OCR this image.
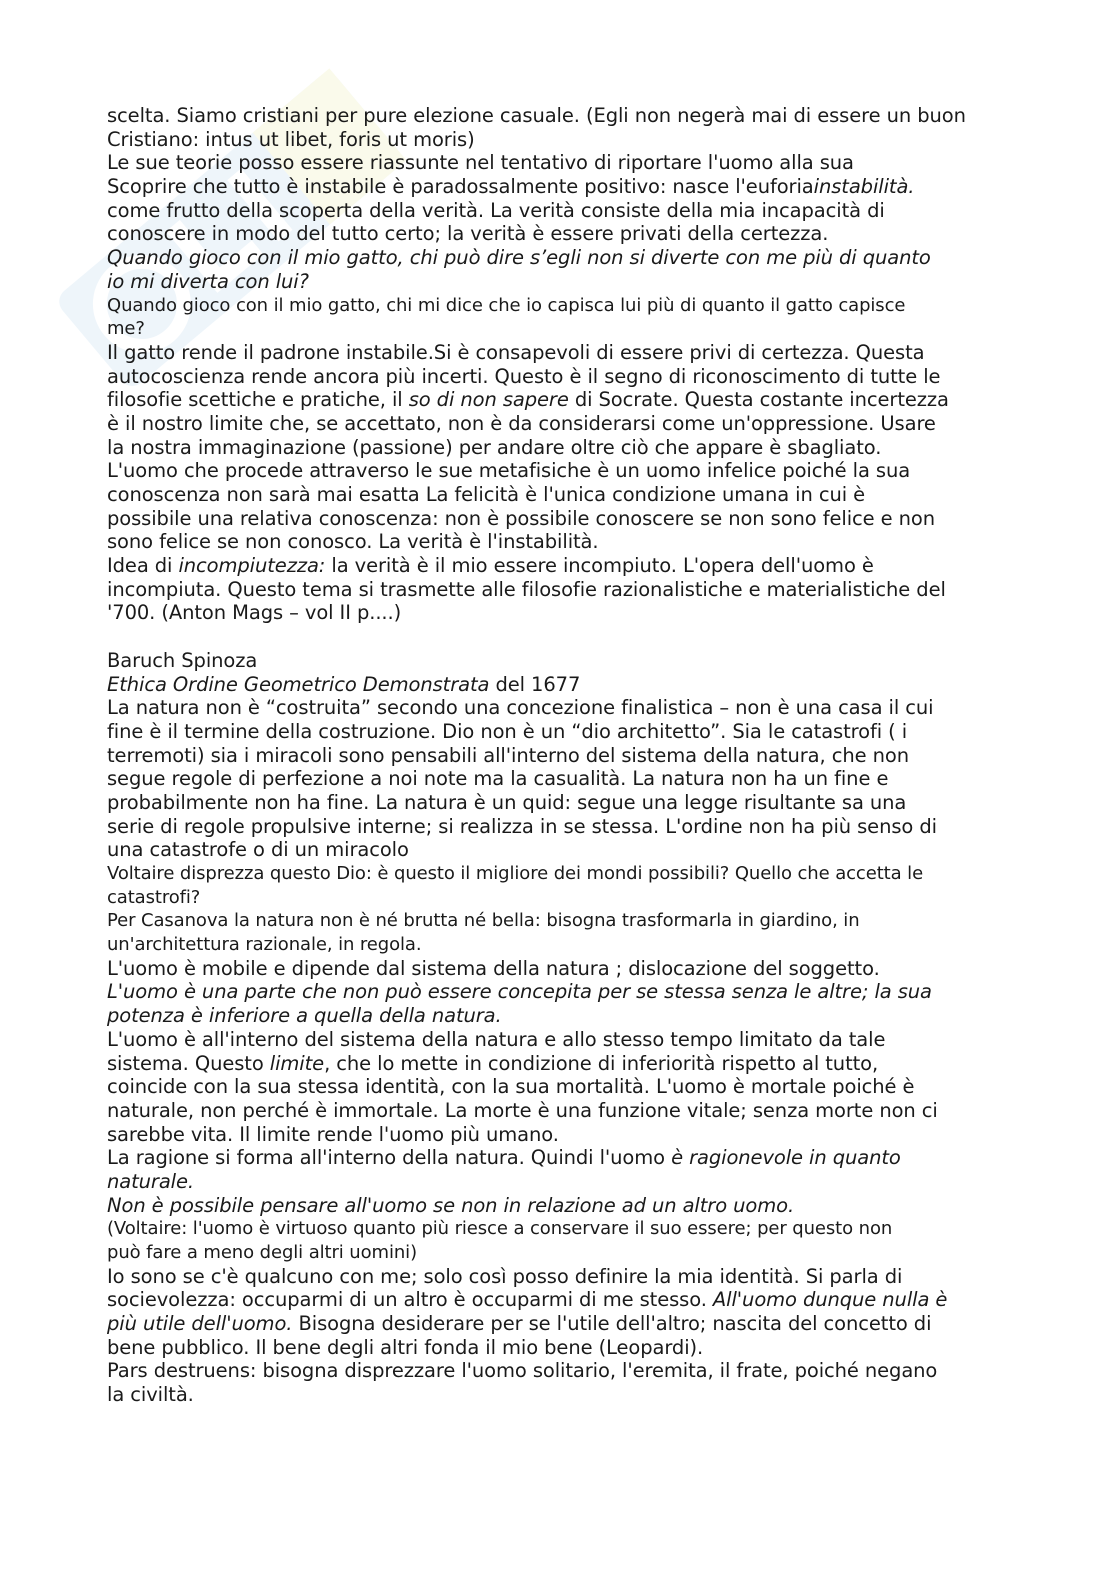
scelta. Siamo cristiani per pure elezione casuale. (Egli non negerà mai di essere un buon
Cristiano: intus ut libet, foris ut moris)
Le sue teorie posso essere riassunte nel tentativo di riportare l'uomo alla sua
Scoprire che tutto è instabile è paradossalmente positivo: nasce l'euforiainstabilità.
come frutto della scoperta della verità. La verità consiste della mia incapacità di
conoscere in modo del tutto certo; la verità è essere privati della certezza.
Quando gioco con il mio gatto, chi può dire s’egli non si diverte con me più di quanto
io mi diverta con lui?
Quando gioco con il mio gatto, chi mi dice che io capisca lui più di quanto il gatto capisce
me?
Il gatto rende il padrone instabile.Si è consapevoli di essere privi di certezza. Questa
autocoscienza rende ancora più incerti. Questo è il segno di riconoscimento di tutte le
filosofie scettiche e pratiche, il so di non sapere di Socrate. Questa costante incertezza
è il nostro limite che, se accettato, non è da considerarsi come un'oppressione. Usare
la nostra immaginazione (passione) per andare oltre ciò che appare è sbagliato.
L'uomo che procede attraverso le sue metafisiche è un uomo infelice poiché la sua
conoscenza non sarà mai esatta La felicità è l'unica condizione umana in cui è
possibile una relativa conoscenza: non è possibile conoscere se non sono felice e non
sono felice se non conosco. La verità è l'instabilità.
Idea di incompiutezza: la verità è il mio essere incompiuto. L'opera dell'uomo è
incompiuta. Questo tema si trasmette alle filosofie razionalistiche e materialistiche del
'700. (Anton Mags – vol II p....)
Baruch Spinoza
Ethica Ordine Geometrico Demonstrata del 1677
La natura non è “costruita” secondo una concezione finalistica – non è una casa il cui
fine è il termine della costruzione. Dio non è un “dio architetto”. Sia le catastrofi ( i
terremoti) sia i miracoli sono pensabili all'interno del sistema della natura, che non
segue regole di perfezione a noi note ma la casualità. La natura non ha un fine e
probabilmente non ha fine. La natura è un quid: segue una legge risultante sa una
serie di regole propulsive interne; si realizza in se stessa. L'ordine non ha più senso di
una catastrofe o di un miracolo
Voltaire disprezza questo Dio: è questo il migliore dei mondi possibili? Quello che accetta le
catastrofi?
Per Casanova la natura non è né brutta né bella: bisogna trasformarla in giardino, in
un'architettura razionale, in regola.
L'uomo è mobile e dipende dal sistema della natura ; dislocazione del soggetto.
L'uomo è una parte che non può essere concepita per se stessa senza le altre; la sua
potenza è inferiore a quella della natura.
L'uomo è all'interno del sistema della natura e allo stesso tempo limitato da tale
sistema. Questo limite, che lo mette in condizione di inferiorità rispetto al tutto,
coincide con la sua stessa identità, con la sua mortalità. L'uomo è mortale poiché è
naturale, non perché è immortale. La morte è una funzione vitale; senza morte non ci
sarebbe vita. Il limite rende l'uomo più umano.
La ragione si forma all'interno della natura. Quindi l'uomo è ragionevole in quanto
naturale.
Non è possibile pensare all'uomo se non in relazione ad un altro uomo.
(Voltaire: l'uomo è virtuoso quanto più riesce a conservare il suo essere; per questo non
può fare a meno degli altri uomini)
Io sono se c'è qualcuno con me; solo così posso definire la mia identità. Si parla di
socievolezza: occuparmi di un altro è occuparmi di me stesso. All'uomo dunque nulla è
più utile dell'uomo. Bisogna desiderare per se l'utile dell'altro; nascita del concetto di
bene pubblico. Il bene degli altri fonda il mio bene (Leopardi).
Pars destruens: bisogna disprezzare l'uomo solitario, l'eremita, il frate, poiché negano
la civiltà.
